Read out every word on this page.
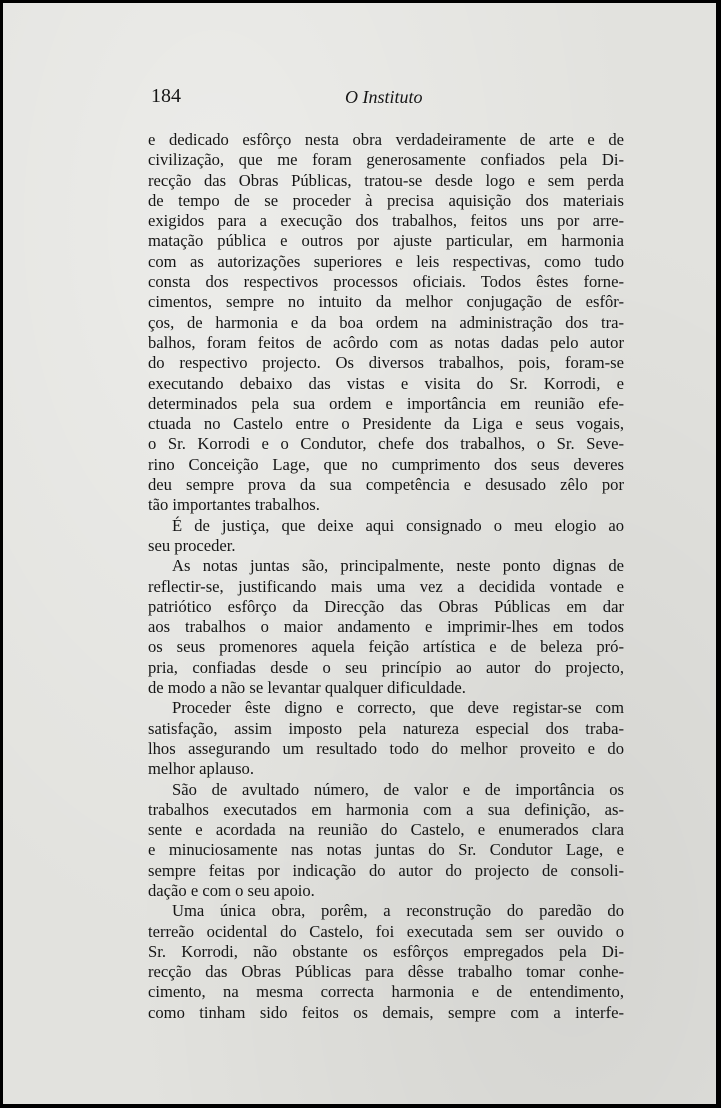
184	O Instituto
e dedicado esfôrço nesta obra verdadeiramente de arte e de
civilização, que me foram generosamente confiados pela Di-
recção das Obras Públicas, tratou-se desde logo e sem perda
de tempo de se proceder à precisa aquisição dos materiais
exigidos para a execução dos trabalhos, feitos uns por arre-
matação pública e outros por ajuste particular, em harmonia
com as autorizações superiores e leis respectivas, como tudo
consta dos respectivos processos oficiais. Todos êstes forne-
cimentos, sempre no intuito da melhor conjugação de esfôr-
ços, de harmonia e da boa ordem na administração dos tra-
balhos, foram feitos de acôrdo com as notas dadas pelo autor
do respectivo projecto. Os diversos trabalhos, pois, foram-se
executando debaixo das vistas e visita do Sr. Korrodi, e
determinados pela sua ordem e importância em reunião efe-
ctuada no Castelo entre o Presidente da Liga e seus vogais,
o Sr. Korrodi e o Condutor, chefe dos trabalhos, o Sr. Seve-
rino Conceição Lage, que no cumprimento dos seus deveres
deu sempre prova da sua competência e desusado zêlo por
tão importantes trabalhos.
É de justiça, que deixe aqui consignado o meu elogio ao
seu proceder.
As notas juntas são, principalmente, neste ponto dignas de
reflectir-se, justificando mais uma vez a decidida vontade e
patriótico esfôrço da Direcção das Obras Públicas em dar
aos trabalhos o maior andamento e imprimir-lhes em todos
os seus promenores aquela feição artística e de beleza pró-
pria, confiadas desde o seu princípio ao autor do projecto,
de modo a não se levantar qualquer dificuldade.
Proceder êste digno e correcto, que deve registar-se com
satisfação, assim imposto pela natureza especial dos traba-
lhos assegurando um resultado todo do melhor proveito e do
melhor aplauso.
São de avultado número, de valor e de importância os
trabalhos executados em harmonia com a sua definição, as-
sente e acordada na reunião do Castelo, e enumerados clara
e minuciosamente nas notas juntas do Sr. Condutor Lage, e
sempre feitas por indicação do autor do projecto de consoli-
dação e com o seu apoio.
Uma única obra, porêm, a reconstrução do paredão do
terreão ocidental do Castelo, foi executada sem ser ouvido o
Sr. Korrodi, não obstante os esfôrços empregados pela Di-
recção das Obras Públicas para dêsse trabalho tomar conhe-
cimento, na mesma correcta harmonia e de entendimento,
como tinham sido feitos os demais, sempre com a interfe-
